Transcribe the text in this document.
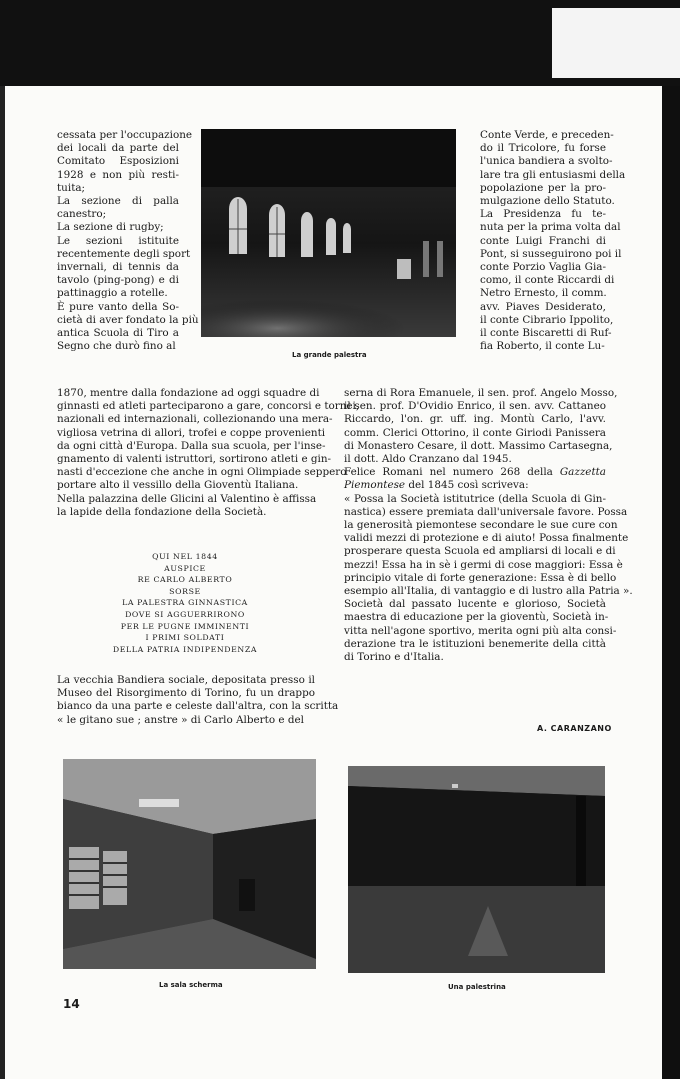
cessata per l'occupazione
dei locali da parte del
Comitato Esposizioni
1928 e non più resti-
tuita;
La sezione di palla
canestro;
La sezione di rugby;
Le sezioni istituite
recentemente degli sport
invernali, di tennis da
tavolo (ping-pong) e di
pattinaggio a rotelle.
È pure vanto della So-
cietà di aver fondato la più
antica Scuola di Tiro a
Segno che durò fino al
La grande palestra
Conte Verde, e preceden-
do il Tricolore, fu forse
l'unica bandiera a svolto-
lare tra gli entusiasmi della
popolazione per la pro-
mulgazione dello Statuto.
La Presidenza fu te-
nuta per la prima volta dal
conte Luigi Franchi di
Pont, si susseguirono poi il
conte Porzio Vaglia Gia-
como, il conte Riccardi di
Netro Ernesto, il comm.
avv. Piaves Desiderato,
il conte Cibrario Ippolito,
il conte Biscaretti di Ruf-
fia Roberto, il conte Lu-
1870, mentre dalla fondazione ad oggi squadre di
ginnasti ed atleti parteciparono a gare, concorsi e tornei,
nazionali ed internazionali, collezionando una mera-
vigliosa vetrina di allori, trofei e coppe provenienti
da ogni città d'Europa. Dalla sua scuola, per l'inse-
gnamento di valenti istruttori, sortirono atleti e gin-
nasti d'eccezione che anche in ogni Olimpiade seppero
portare alto il vessillo della Gioventù Italiana.
Nella palazzina delle Glicini al Valentino è affissa
la lapide della fondazione della Società.
QUI NEL 1844
AUSPICE
RE CARLO ALBERTO
SORSE
LA PALESTRA GINNASTICA
DOVE SI AGGUERRIRONO
PER LE PUGNE IMMINENTI
I PRIMI SOLDATI
DELLA PATRIA INDIPENDENZA
La vecchia Bandiera sociale, depositata presso il
Museo del Risorgimento di Torino, fu un drappo
bianco da una parte e celeste dall'altra, con la scritta
« le gitano sue ; anstre » di Carlo Alberto e del
serna di Rora Emanuele, il sen. prof. Angelo Mosso,
il sen. prof. D'Ovidio Enrico, il sen. avv. Cattaneo
Riccardo, l'on. gr. uff. ing. Montù Carlo, l'avv.
comm. Clerici Ottorino, il conte Giriodi Panissera
di Monastero Cesare, il dott. Massimo Cartasegna,
il dott. Aldo Cranzano dal 1945.
Felice Romani nel numero 268 della Gazzetta
Piemontese del 1845 così scriveva:
« Possa la Società istitutrice (della Scuola di Gin-
nastica) essere premiata dall'universale favore. Possa
la generosità piemontese secondare le sue cure con
validi mezzi di protezione e di aiuto! Possa finalmente
prosperare questa Scuola ed ampliarsi di locali e di
mezzi! Essa ha in sè i germi di cose maggiori: Essa è
principio vitale di forte generazione: Essa è di bello
esempio all'Italia, di vantaggio e di lustro alla Patria ».
Società dal passato lucente e glorioso, Società
maestra di educazione per la gioventù, Società in-
vitta nell'agone sportivo, merita ogni più alta consi-
derazione tra le istituzioni benemerite della città
di Torino e d'Italia.
A. CARANZANO
La sala scherma	Una palestrina
14
